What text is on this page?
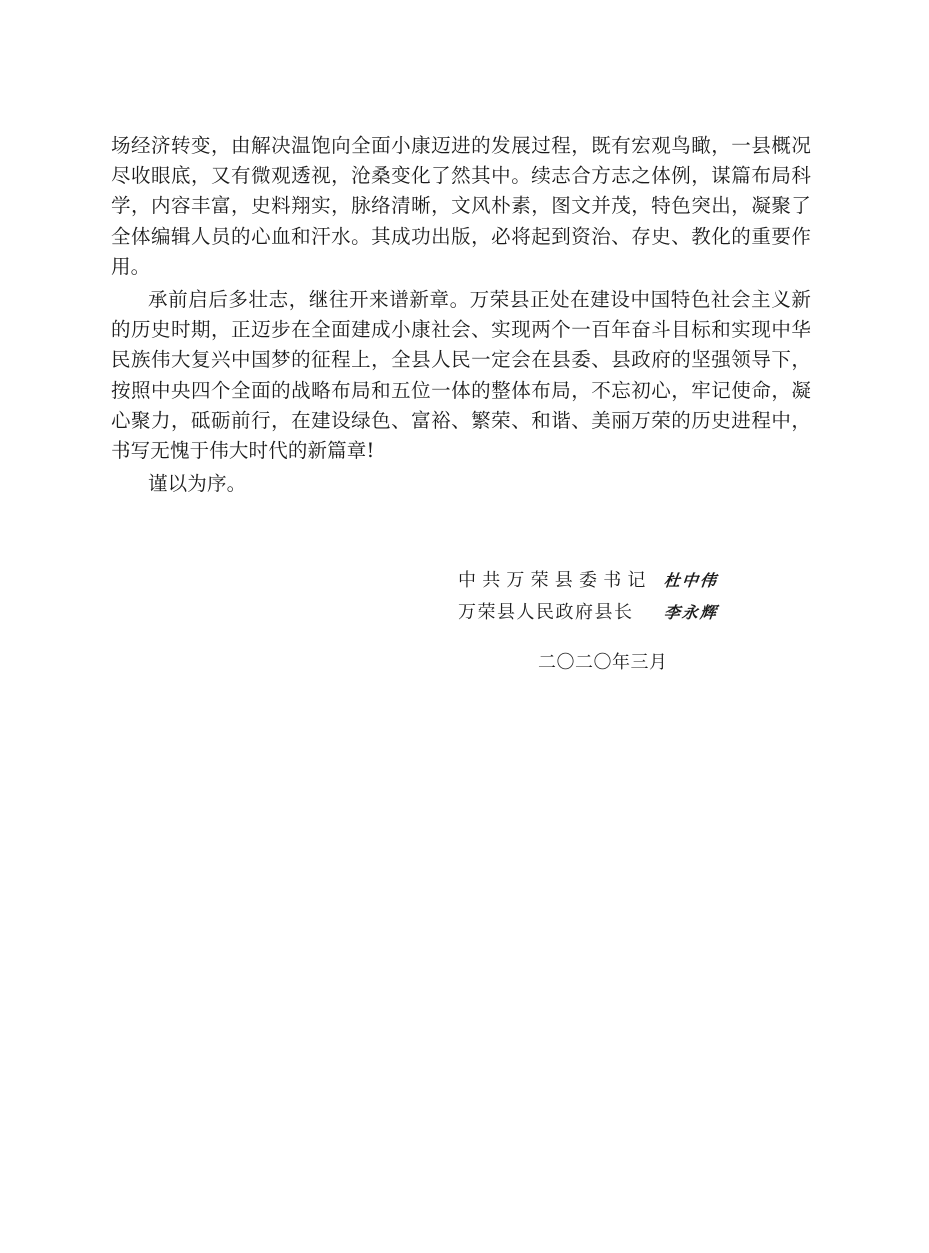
场经济转变，由解决温饱向全面小康迈进的发展过程，既有宏观鸟瞰，一县概况尽收眼底，又有微观透视，沧桑变化了然其中。续志合方志之体例，谋篇布局科学，内容丰富，史料翔实，脉络清晰，文风朴素，图文并茂，特色突出，凝聚了全体编辑人员的心血和汗水。其成功出版，必将起到资治、存史、教化的重要作用。

承前启后多壮志，继往开来谱新章。万荣县正处在建设中国特色社会主义新的历史时期，正迈步在全面建成小康社会、实现两个一百年奋斗目标和实现中华民族伟大复兴中国梦的征程上，全县人民一定会在县委、县政府的坚强领导下，按照中央四个全面的战略布局和五位一体的整体布局，不忘初心，牢记使命，凝心聚力，砥砺前行，在建设绿色、富裕、繁荣、和谐、美丽万荣的历史进程中，书写无愧于伟大时代的新篇章!

谨以为序。

中共万荣县委书记 杜中伟
万荣县人民政府县长	李永辉
二〇二〇年三月
